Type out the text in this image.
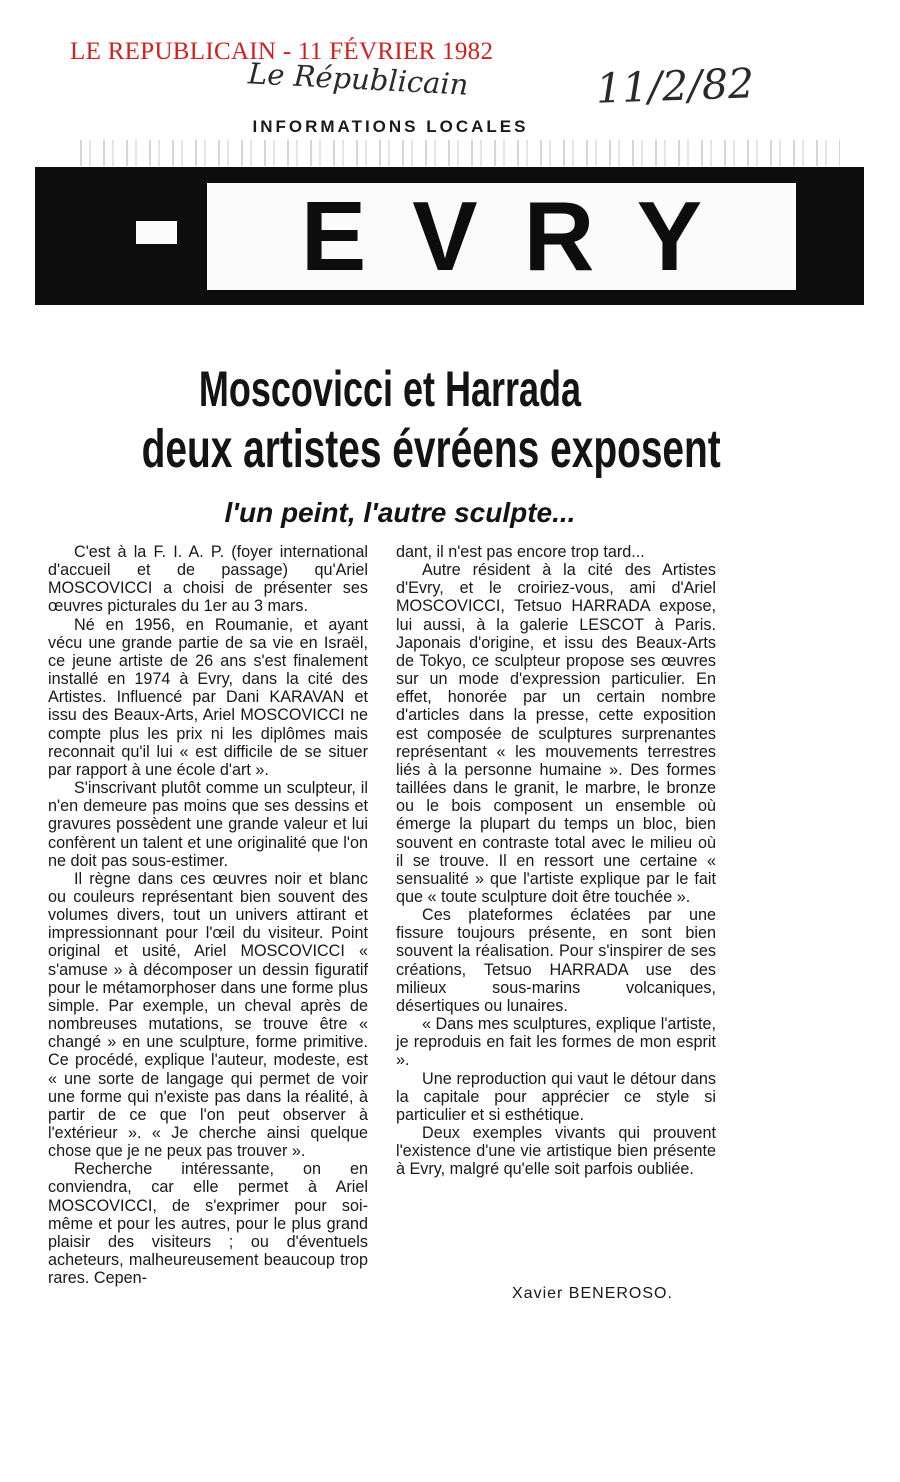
LE REPUBLICAIN - 11 FÉVRIER 1982
Le Républicain	11/2/82
INFORMATIONS LOCALES
EVRY
Moscovicci et Harrada
deux artistes évréens exposent
l'un peint, l'autre sculpte...

C'est à la F. I. A. P. (foyer international d'accueil et de passage) qu'Ariel MOSCOVICCI a choisi de présenter ses œuvres picturales du 1er au 3 mars.

Né en 1956, en Roumanie, et ayant vécu une grande partie de sa vie en Israël, ce jeune artiste de 26 ans s'est finalement installé en 1974 à Evry, dans la cité des Artistes. Influencé par Dani KARAVAN et issu des Beaux-Arts, Ariel MOSCOVICCI ne compte plus les prix ni les diplômes mais reconnait qu'il lui « est difficile de se situer par rapport à une école d'art ».

S'inscrivant plutôt comme un sculpteur, il n'en demeure pas moins que ses dessins et gravures possèdent une grande valeur et lui confèrent un talent et une originalité que l'on ne doit pas sous-estimer.

Il règne dans ces œuvres noir et blanc ou couleurs représentant bien souvent des volumes divers, tout un univers attirant et impressionnant pour l'œil du visiteur. Point original et usité, Ariel MOSCOVICCI « s'amuse » à décomposer un dessin figuratif pour le métamorphoser dans une forme plus simple. Par exemple, un cheval après de nombreuses mutations, se trouve être « changé » en une sculpture, forme primitive. Ce procédé, explique l'auteur, modeste, est « une sorte de langage qui permet de voir une forme qui n'existe pas dans la réalité, à partir de ce que l'on peut observer à l'extérieur ». « Je cherche ainsi quelque chose que je ne peux pas trouver ».

Recherche intéressante, on en conviendra, car elle permet à Ariel MOSCOVICCI, de s'exprimer pour soi-même et pour les autres, pour le plus grand plaisir des visiteurs ; ou d'éventuels acheteurs, malheureusement beaucoup trop rares. Cepen-

dant, il n'est pas encore trop tard...

Autre résident à la cité des Artistes d'Evry, et le croiriez-vous, ami d'Ariel MOSCOVICCI, Tetsuo HARRADA expose, lui aussi, à la galerie LESCOT à Paris. Japonais d'origine, et issu des Beaux-Arts de Tokyo, ce sculpteur propose ses œuvres sur un mode d'expression particulier. En effet, honorée par un certain nombre d'articles dans la presse, cette exposition est composée de sculptures surprenantes représentant « les mouvements terrestres liés à la personne humaine ». Des formes taillées dans le granit, le marbre, le bronze ou le bois composent un ensemble où émerge la plupart du temps un bloc, bien souvent en contraste total avec le milieu où il se trouve. Il en ressort une certaine « sensualité » que l'artiste explique par le fait que « toute sculpture doit être touchée ».

Ces plateformes éclatées par une fissure toujours présente, en sont bien souvent la réalisation. Pour s'inspirer de ses créations, Tetsuo HARRADA use des milieux sous-marins volcaniques, désertiques ou lunaires.

« Dans mes sculptures, explique l'artiste, je reproduis en fait les formes de mon esprit ».

Une reproduction qui vaut le détour dans la capitale pour apprécier ce style si particulier et si esthétique.

Deux exemples vivants qui prouvent l'existence d'une vie artistique bien présente à Evry, malgré qu'elle soit parfois oubliée.

Xavier BENEROSO.
